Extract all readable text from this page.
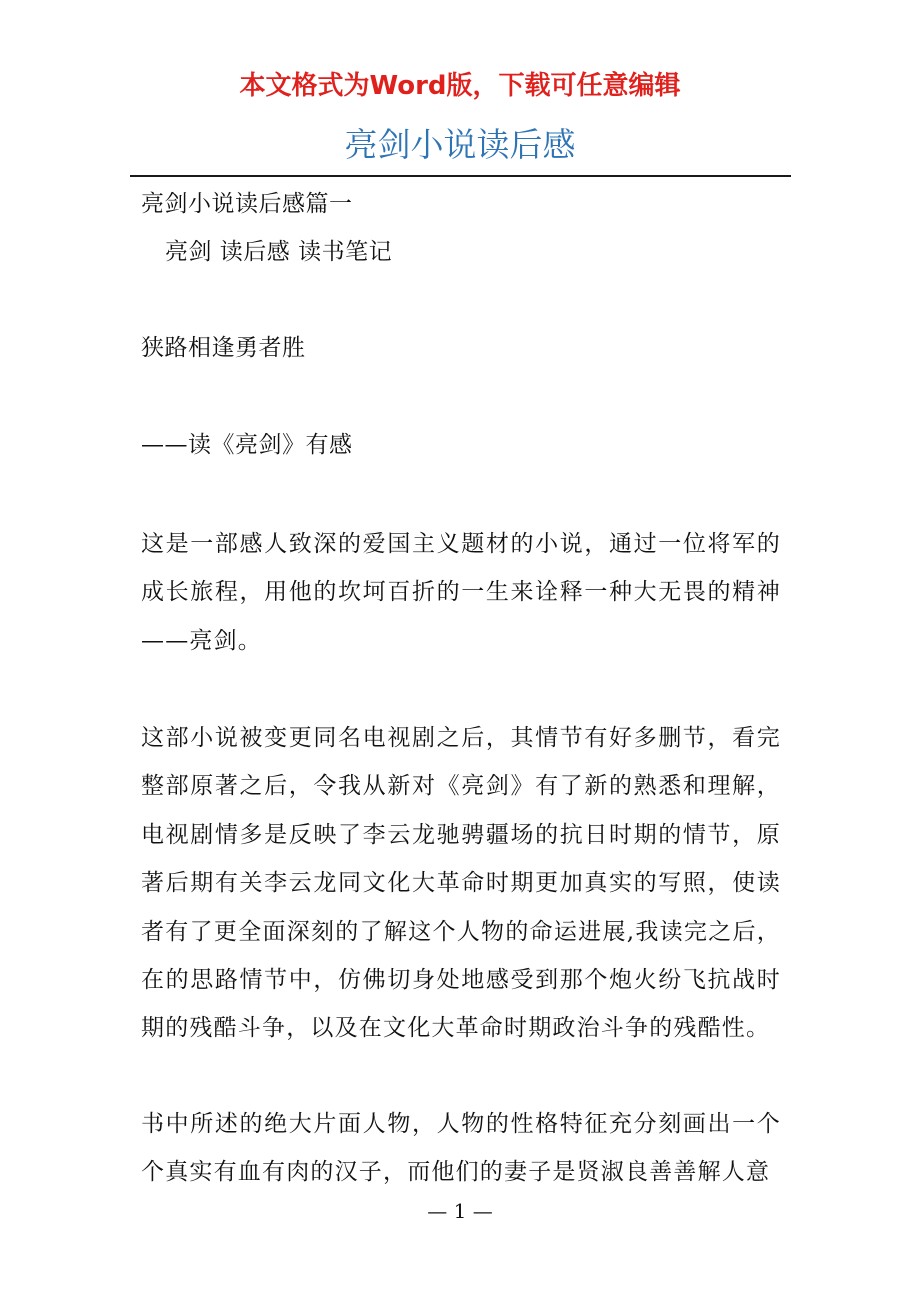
本文格式为Word版，下载可任意编辑
亮剑小说读后感
亮剑小说读后感篇一
亮剑 读后感 读书笔记
狭路相逢勇者胜
——读《亮剑》有感
这是一部感人致深的爱国主义题材的小说，通过一位将军的成长旅程，用他的坎坷百折的一生来诠释一种大无畏的精神——亮剑。
这部小说被变更同名电视剧之后，其情节有好多删节，看完整部原著之后，令我从新对《亮剑》有了新的熟悉和理解，电视剧情多是反映了李云龙驰骋疆场的抗日时期的情节，原著后期有关李云龙同文化大革命时期更加真实的写照，使读者有了更全面深刻的了解这个人物的命运进展,我读完之后，在的思路情节中，仿佛切身处地感受到那个炮火纷飞抗战时期的残酷斗争，以及在文化大革命时期政治斗争的残酷性。
书中所述的绝大片面人物，人物的性格特征充分刻画出一个个真实有血有肉的汉子，而他们的妻子是贤淑良善善解人意
— 1 —
